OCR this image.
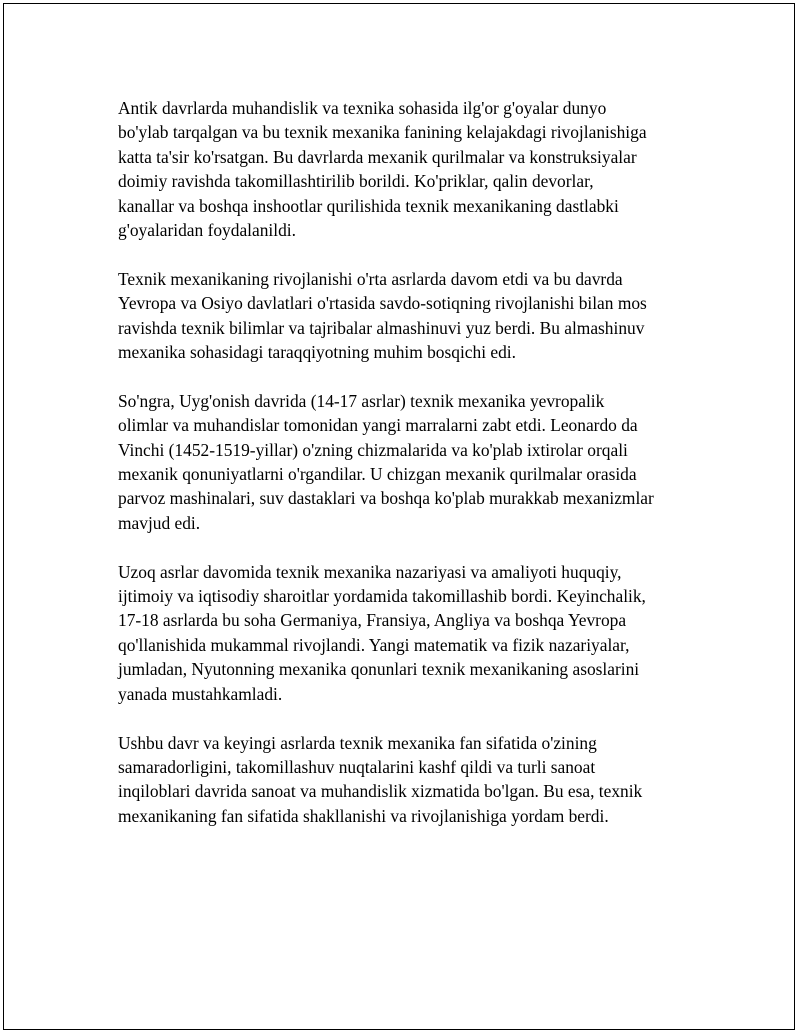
Antik davrlarda muhandislik va texnika sohasida ilg'or g'oyalar dunyo
bo'ylab tarqalgan va bu texnik mexanika fanining kelajakdagi rivojlanishiga
katta ta'sir ko'rsatgan. Bu davrlarda mexanik qurilmalar va konstruksiyalar
doimiy ravishda takomillashtirilib borildi. Ko'priklar, qalin devorlar,
kanallar va boshqa inshootlar qurilishida texnik mexanikaning dastlabki
g'oyalaridan foydalanildi.

Texnik mexanikaning rivojlanishi o'rta asrlarda davom etdi va bu davrda
Yevropa va Osiyo davlatlari o'rtasida savdo-sotiqning rivojlanishi bilan mos
ravishda texnik bilimlar va tajribalar almashinuvi yuz berdi. Bu almashinuv
mexanika sohasidagi taraqqiyotning muhim bosqichi edi.

So'ngra, Uyg'onish davrida (14-17 asrlar) texnik mexanika yevropalik
olimlar va muhandislar tomonidan yangi marralarni zabt etdi. Leonardo da
Vinchi (1452-1519-yillar) o'zning chizmalarida va ko'plab ixtirolar orqali
mexanik qonuniyatlarni o'rgandilar. U chizgan mexanik qurilmalar orasida
parvoz mashinalari, suv dastaklari va boshqa ko'plab murakkab mexanizmlar
mavjud edi.

Uzoq asrlar davomida texnik mexanika nazariyasi va amaliyoti huquqiy,
ijtimoiy va iqtisodiy sharoitlar yordamida takomillashib bordi. Keyinchalik,
17-18 asrlarda bu soha Germaniya, Fransiya, Angliya va boshqa Yevropa
qo'llanishida mukammal rivojlandi. Yangi matematik va fizik nazariyalar,
jumladan, Nyutonning mexanika qonunlari texnik mexanikaning asoslarini
yanada mustahkamladi.

Ushbu davr va keyingi asrlarda texnik mexanika fan sifatida o'zining
samaradorligini, takomillashuv nuqtalarini kashf qildi va turli sanoat
inqiloblari davrida sanoat va muhandislik xizmatida bo'lgan. Bu esa, texnik
mexanikaning fan sifatida shakllanishi va rivojlanishiga yordam berdi.
